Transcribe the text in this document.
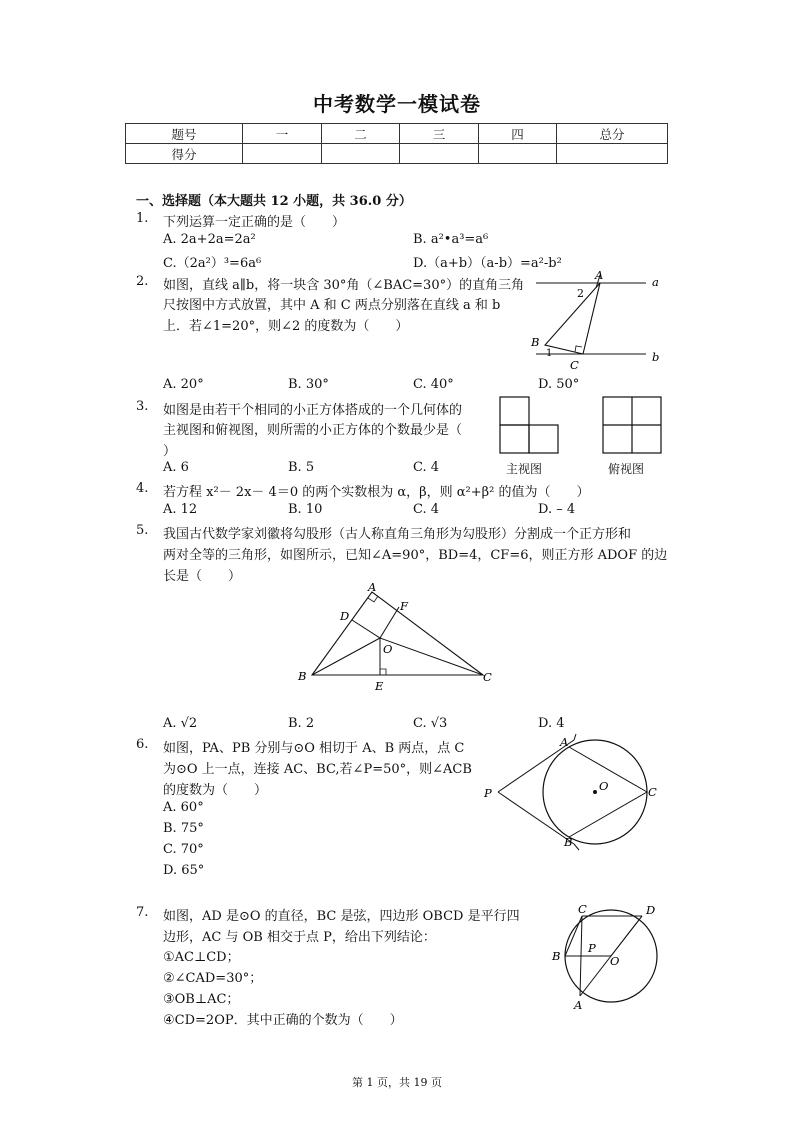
中考数学一模试卷
题号	一	二	三	四	总分
得分					
一、选择题（本大题共 12 小题，共 36.0 分）
1. 下列运算一定正确的是（　　）
A. 2a+2a=2a²	B. a²•a³=a⁶
C.（2a²）³=6a⁶	D.（a+b）（a-b）=a²-b²
2. 如图，直线 a∥b，将一块含 30°角（∠BAC=30°）的直角三角
尺按图中方式放置，其中 A 和 C 两点分别落在直线 a 和 b
上．若∠1=20°，则∠2 的度数为（　　）
A	a
b
B
C
2
1
A. 20°	B. 30°	C. 40°	D. 50°
3. 如图是由若干个相同的小正方体搭成的一个几何体的
主视图和俯视图，则所需的小正方体的个数最少是（
）
主视图	俯视图
A. 6	B. 5	C. 4
4. 若方程 x²－ 2x－ 4＝0 的两个实数根为 α，β，则 α²+β² 的值为（　　）
A. 12	B. 10	C. 4	D. – 4
5. 我国古代数学家刘徽将勾股形（古人称直角三角形为勾股形）分割成一个正方形和
两对全等的三角形，如图所示，已知∠A=90°，BD=4，CF=6，则正方形 ADOF 的边
长是（　　）
A
D
F
O
B	C
E
A. √2	B. 2	C. √3	D. 4
6. 如图，PA、PB 分别与⊙O 相切于 A、B 两点，点 C
为⊙O 上一点，连接 AC、BC,若∠P=50°，则∠ACB
的度数为（　　）
A. 60°
B. 75°
C. 70°
D. 65°
A
O
P	C
B
7. 如图，AD 是⊙O 的直径，BC 是弦，四边形 OBCD 是平行四
边形，AC 与 OB 相交于点 P，给出下列结论：
①AC⊥CD；
②∠CAD=30°；
③OB⊥AC；
④CD=2OP．其中正确的个数为（　　）
C	D
B
P
O
A
第 1 页，共 19 页
